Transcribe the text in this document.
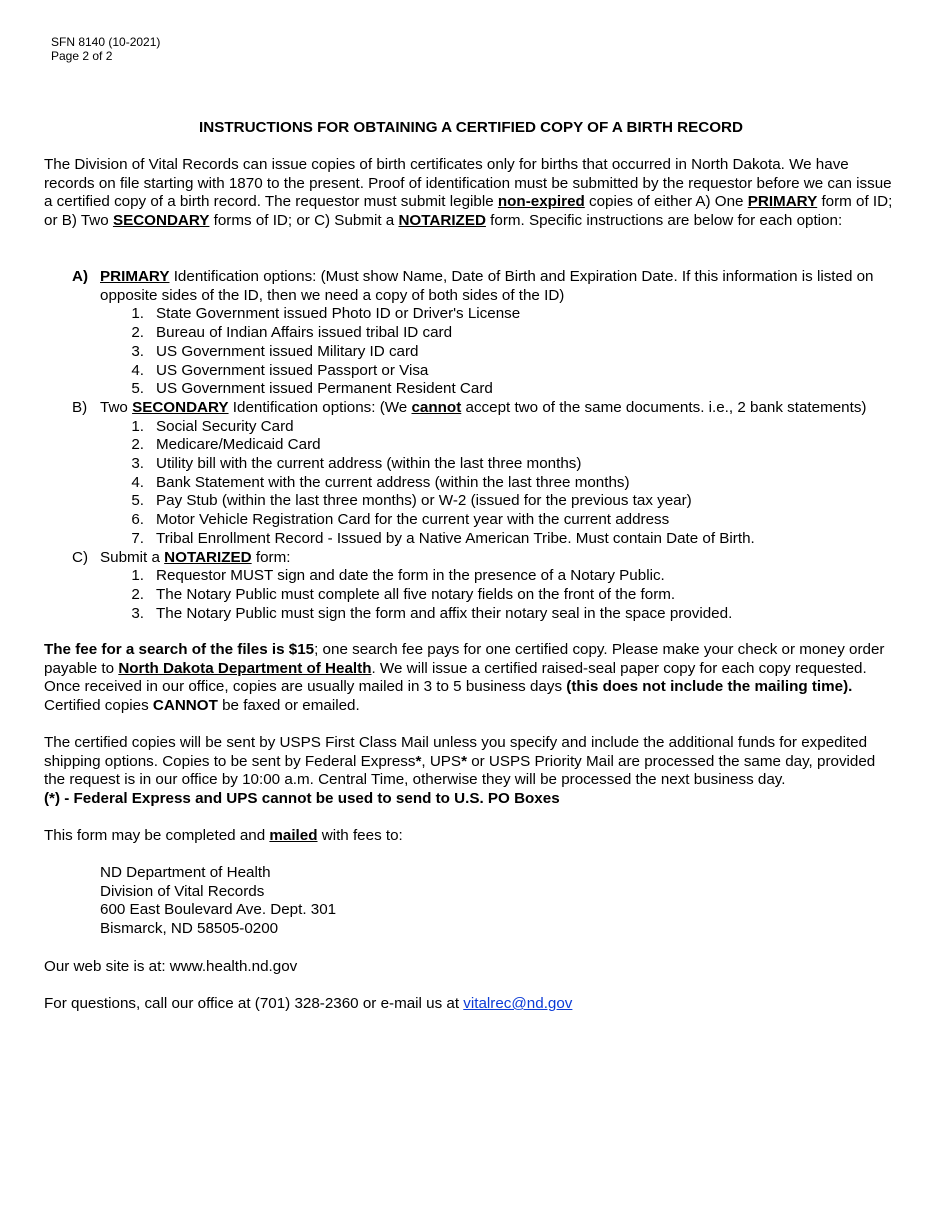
SFN 8140 (10-2021)
Page 2 of 2
INSTRUCTIONS FOR OBTAINING A CERTIFIED COPY OF A BIRTH RECORD
The Division of Vital Records can issue copies of birth certificates only for births that occurred in North Dakota. We have records on file starting with 1870 to the present. Proof of identification must be submitted by the requestor before we can issue a certified copy of a birth record. The requestor must submit legible non-expired copies of either A) One PRIMARY form of ID; or B) Two SECONDARY forms of ID; or C) Submit a NOTARIZED form. Specific instructions are below for each option:
A) PRIMARY Identification options: (Must show Name, Date of Birth and Expiration Date. If this information is listed on opposite sides of the ID, then we need a copy of both sides of the ID)
1. State Government issued Photo ID or Driver's License
2. Bureau of Indian Affairs issued tribal ID card
3. US Government issued Military ID card
4. US Government issued Passport or Visa
5. US Government issued Permanent Resident Card
B) Two SECONDARY Identification options: (We cannot accept two of the same documents. i.e., 2 bank statements)
1. Social Security Card
2. Medicare/Medicaid Card
3. Utility bill with the current address (within the last three months)
4. Bank Statement with the current address (within the last three months)
5. Pay Stub (within the last three months) or W-2 (issued for the previous tax year)
6. Motor Vehicle Registration Card for the current year with the current address
7. Tribal Enrollment Record - Issued by a Native American Tribe. Must contain Date of Birth.
C) Submit a NOTARIZED form:
1. Requestor MUST sign and date the form in the presence of a Notary Public.
2. The Notary Public must complete all five notary fields on the front of the form.
3. The Notary Public must sign the form and affix their notary seal in the space provided.
The fee for a search of the files is $15; one search fee pays for one certified copy. Please make your check or money order payable to North Dakota Department of Health. We will issue a certified raised-seal paper copy for each copy requested. Once received in our office, copies are usually mailed in 3 to 5 business days (this does not include the mailing time). Certified copies CANNOT be faxed or emailed.
The certified copies will be sent by USPS First Class Mail unless you specify and include the additional funds for expedited shipping options. Copies to be sent by Federal Express*, UPS* or USPS Priority Mail are processed the same day, provided the request is in our office by 10:00 a.m. Central Time, otherwise they will be processed the next business day.
(*) - Federal Express and UPS cannot be used to send to U.S. PO Boxes
This form may be completed and mailed with fees to:
ND Department of Health
Division of Vital Records
600 East Boulevard Ave. Dept. 301
Bismarck, ND 58505-0200
Our web site is at: www.health.nd.gov
For questions, call our office at (701) 328-2360 or e-mail us at vitalrec@nd.gov
